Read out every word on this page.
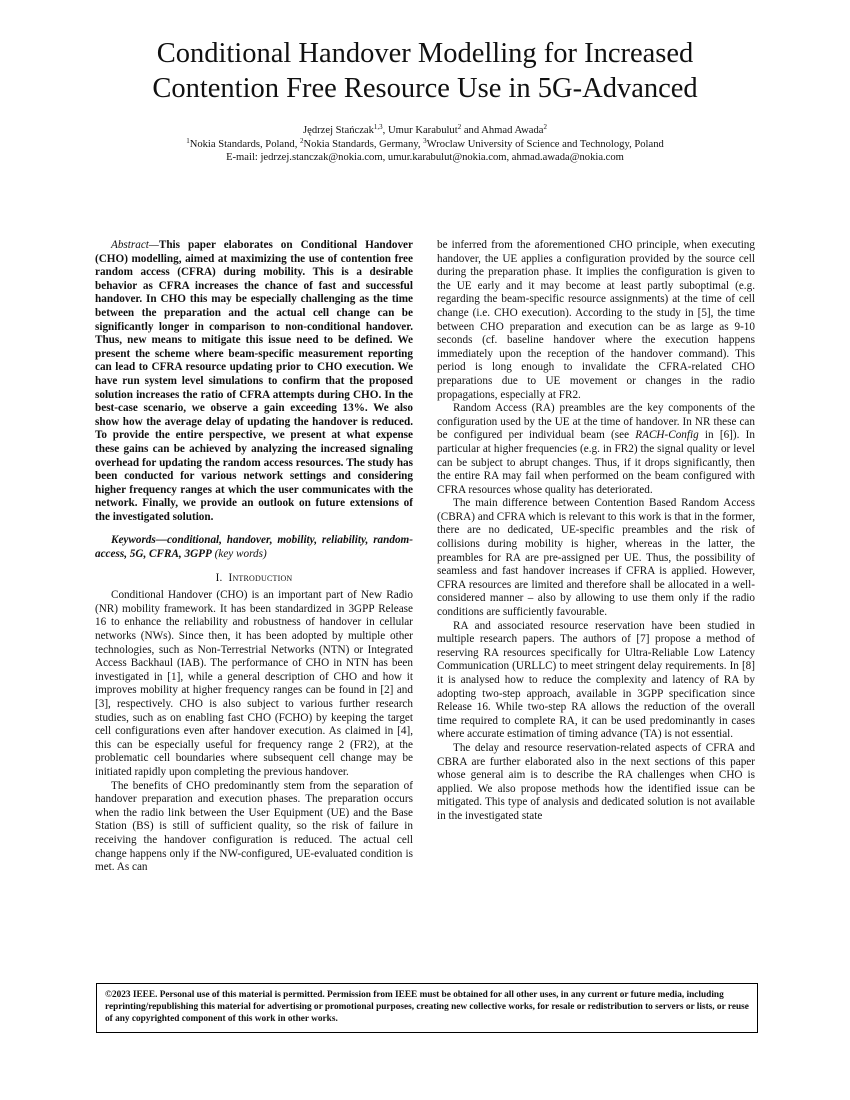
Conditional Handover Modelling for Increased
Contention Free Resource Use in 5G-Advanced
Jędrzej Stańczak$^{1,3}$, Umur Karabulut$^2$ and Ahmad Awada$^2$
$^1$Nokia Standards, Poland, $^2$Nokia Standards, Germany, $^3$Wroclaw University of Science and Technology, Poland
E-mail: jedrzej.stanczak@nokia.com, umur.karabulut@nokia.com, ahmad.awada@nokia.com

Abstract—This paper elaborates on Conditional Handover (CHO) modelling, aimed at maximizing the use of contention free random access (CFRA) during mobility. This is a desirable behavior as CFRA increases the chance of fast and successful handover. In CHO this may be especially challenging as the time between the preparation and the actual cell change can be significantly longer in comparison to non-conditional handover. Thus, new means to mitigate this issue need to be defined. We present the scheme where beam-specific measurement reporting can lead to CFRA resource updating prior to CHO execution. We have run system level simulations to confirm that the proposed solution increases the ratio of CFRA attempts during CHO. In the best-case scenario, we observe a gain exceeding 13%. We also show how the average delay of updating the handover is reduced. To provide the entire perspective, we present at what expense these gains can be achieved by analyzing the increased signaling overhead for updating the random access resources. The study has been conducted for various network settings and considering higher frequency ranges at which the user communicates with the network. Finally, we provide an outlook on future extensions of the investigated solution.

Keywords—conditional, handover, mobility, reliability, random-access, 5G, CFRA, 3GPP (key words)

I. Introduction

Conditional Handover (CHO) is an important part of New Radio (NR) mobility framework. It has been standardized in 3GPP Release 16 to enhance the reliability and robustness of handover in cellular networks (NWs). Since then, it has been adopted by multiple other technologies, such as Non-Terrestrial Networks (NTN) or Integrated Access Backhaul (IAB). The performance of CHO in NTN has been investigated in [1], while a general description of CHO and how it improves mobility at higher frequency ranges can be found in [2] and [3], respectively. CHO is also subject to various further research studies, such as on enabling fast CHO (FCHO) by keeping the target cell configurations even after handover execution. As claimed in [4], this can be especially useful for frequency range 2 (FR2), at the problematic cell boundaries where subsequent cell change may be initiated rapidly upon completing the previous handover.

The benefits of CHO predominantly stem from the separation of handover preparation and execution phases. The preparation occurs when the radio link between the User Equipment (UE) and the Base Station (BS) is still of sufficient quality, so the risk of failure in receiving the handover configuration is reduced. The actual cell change happens only if the NW-configured, UE-evaluated condition is met. As can

be inferred from the aforementioned CHO principle, when executing handover, the UE applies a configuration provided by the source cell during the preparation phase. It implies the configuration is given to the UE early and it may become at least partly suboptimal (e.g. regarding the beam-specific resource assignments) at the time of cell change (i.e. CHO execution). According to the study in [5], the time between CHO preparation and execution can be as large as 9-10 seconds (cf. baseline handover where the execution happens immediately upon the reception of the handover command). This period is long enough to invalidate the CFRA-related CHO preparations due to UE movement or changes in the radio propagations, especially at FR2.

Random Access (RA) preambles are the key components of the configuration used by the UE at the time of handover. In NR these can be configured per individual beam (see RACH-Config in [6]). In particular at higher frequencies (e.g. in FR2) the signal quality or level can be subject to abrupt changes. Thus, if it drops significantly, then the entire RA may fail when performed on the beam configured with CFRA resources whose quality has deteriorated.

The main difference between Contention Based Random Access (CBRA) and CFRA which is relevant to this work is that in the former, there are no dedicated, UE-specific preambles and the risk of collisions during mobility is higher, whereas in the latter, the preambles for RA are pre-assigned per UE. Thus, the possibility of seamless and fast handover increases if CFRA is applied. However, CFRA resources are limited and therefore shall be allocated in a well-considered manner – also by allowing to use them only if the radio conditions are sufficiently favourable.

RA and associated resource reservation have been studied in multiple research papers. The authors of [7] propose a method of reserving RA resources specifically for Ultra-Reliable Low Latency Communication (URLLC) to meet stringent delay requirements. In [8] it is analysed how to reduce the complexity and latency of RA by adopting two-step approach, available in 3GPP specification since Release 16. While two-step RA allows the reduction of the overall time required to complete RA, it can be used predominantly in cases where accurate estimation of timing advance (TA) is not essential.

The delay and resource reservation-related aspects of CFRA and CBRA are further elaborated also in the next sections of this paper whose general aim is to describe the RA challenges when CHO is applied. We also propose methods how the identified issue can be mitigated. This type of analysis and dedicated solution is not available in the investigated state

©2023 IEEE. Personal use of this material is permitted. Permission from IEEE must be obtained for all other uses, in any current or future media, including reprinting/republishing this material for advertising or promotional purposes, creating new collective works, for resale or redistribution to servers or lists, or reuse of any copyrighted component of this work in other works.
